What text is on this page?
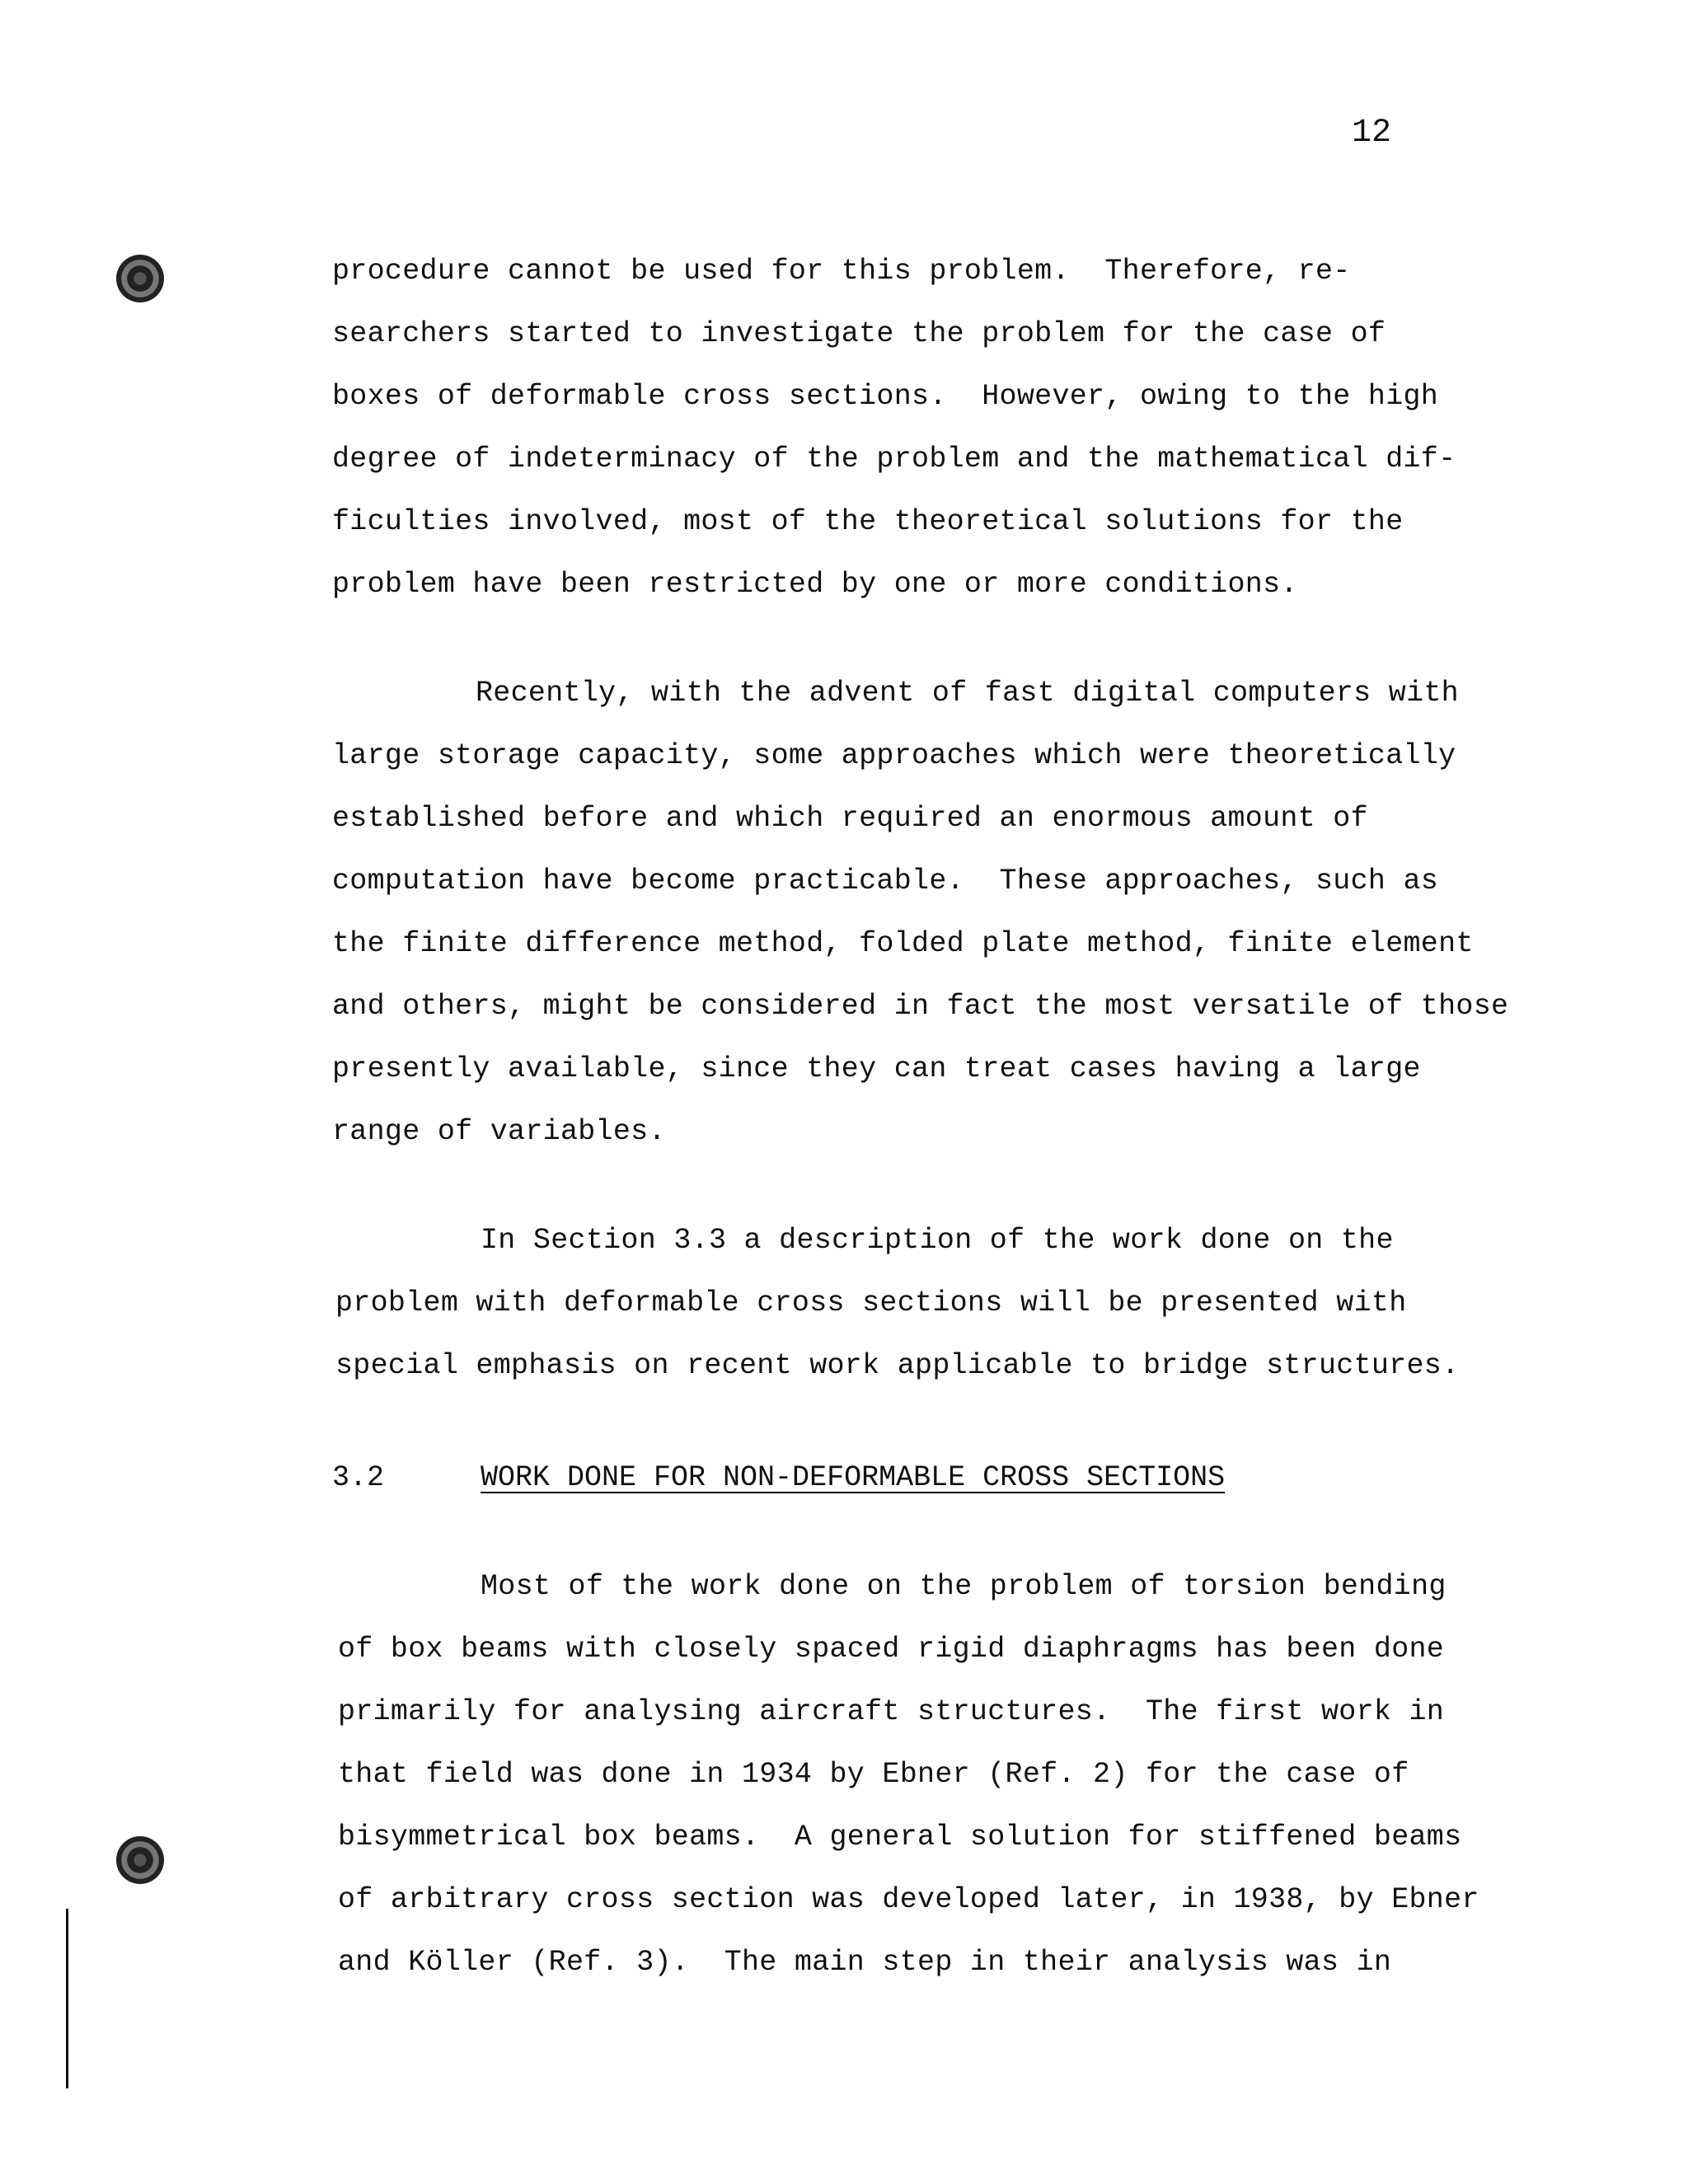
12
procedure cannot be used for this problem.  Therefore, re-
searchers started to investigate the problem for the case of
boxes of deformable cross sections.  However, owing to the high
degree of indeterminacy of the problem and the mathematical dif-
ficulties involved, most of the theoretical solutions for the
problem have been restricted by one or more conditions.
Recently, with the advent of fast digital computers with
large storage capacity, some approaches which were theoretically
established before and which required an enormous amount of
computation have become practicable.  These approaches, such as
the finite difference method, folded plate method, finite element
and others, might be considered in fact the most versatile of those
presently available, since they can treat cases having a large
range of variables.
In Section 3.3 a description of the work done on the
problem with deformable cross sections will be presented with
special emphasis on recent work applicable to bridge structures.
3.2	WORK DONE FOR NON-DEFORMABLE CROSS SECTIONS
Most of the work done on the problem of torsion bending
of box beams with closely spaced rigid diaphragms has been done
primarily for analysing aircraft structures.  The first work in
that field was done in 1934 by Ebner (Ref. 2) for the case of
bisymmetrical box beams.  A general solution for stiffened beams
of arbitrary cross section was developed later, in 1938, by Ebner
and Köller (Ref. 3).  The main step in their analysis was in
